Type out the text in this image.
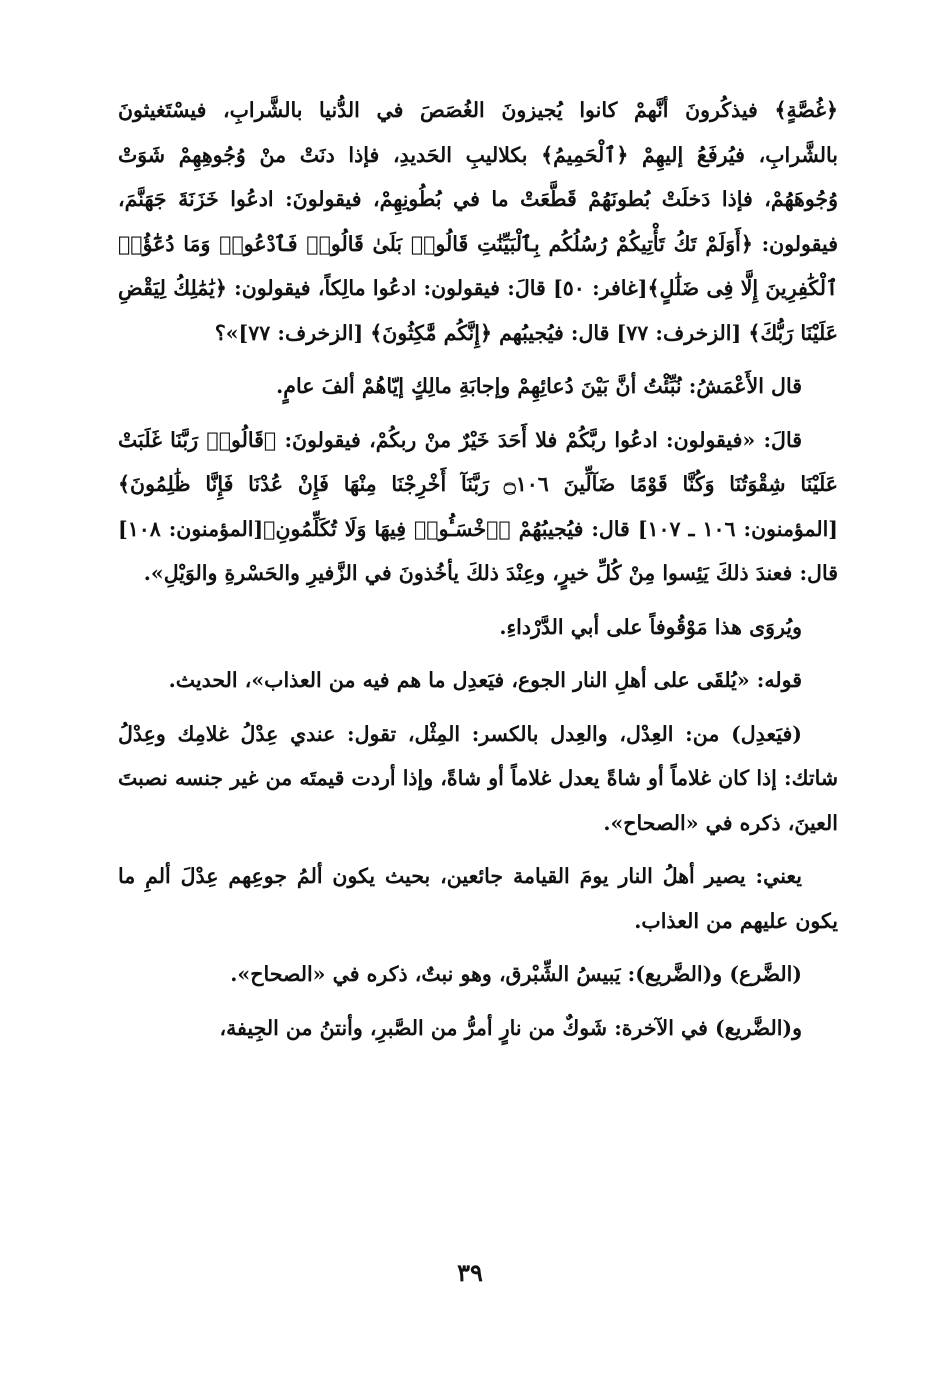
﴿غُصَّةٍ﴾ فيذكُرونَ أنَّهمْ كانوا يُجيزونَ الغُصَصَ في الدُّنيا بالشَّرابِ، فيسْتَغيثونَ بالشَّرابِ، فيُرفَعُ إليهِمْ ﴿ٱلْحَمِيمُ﴾ بكلاليبِ الحَديدِ، فإذا دنَتْ منْ وُجُوهِهِمْ شَوَتْ وُجُوهَهُمْ، فإذا دَخلَتْ بُطونَهُمْ قَطَّعَتْ ما في بُطُونِهِمْ، فيقولونَ: ادعُوا خَزَنَةَ جَهَنَّمَ، فيقولون: ﴿أَوَلَمْ تَكُ تَأْتِيكُمْ رُسُلُكُم بِٱلْبَيِّنَٰتِ قَالُوا۟ بَلَىٰ قَالُوا۟ فَٱدْعُوا۟ وَمَا دُعَٰٓؤُا۟ ٱلْكَٰفِرِينَ إِلَّا فِى ضَلَٰلٍ﴾[غافر: ٥٠] قالَ: فيقولون: ادعُوا مالِكاً، فيقولون: ﴿يَٰمَٰلِكُ لِيَقْضِ عَلَيْنَا رَبُّكَ﴾ [الزخرف: ٧٧] قال: فيُجيبُهم ﴿إِنَّكُم مَّٰكِثُونَ﴾ [الزخرف: ٧٧]»؟

قال الأَعْمَشُ: نُبِّئْتُ أنَّ بَيْنَ دُعائِهِمْ وإجابَةِ مالِكٍ إيّاهُمْ ألفَ عامٍ.

قالَ: «فيقولون: ادعُوا ربَّكُمْ فلا أَحَدَ خَيْرٌ منْ ربكُمْ، فيقولونَ: ﴿قَالُوا۟ رَبَّنَا غَلَبَتْ عَلَيْنَا شِقْوَتُنَا وَكُنَّا قَوْمًا ضَآلِّينَ ۝١٠٦ رَبَّنَآ أَخْرِجْنَا مِنْهَا فَإِنْ عُدْنَا فَإِنَّا ظَٰلِمُونَ﴾[المؤمنون: ١٠٦ ـ ١٠٧] قال: فيُجيبُهُمْ ﴿ٱخْسَـُٔوا۟ فِيهَا وَلَا تُكَلِّمُونِ﴾[المؤمنون: ١٠٨] قال: فعندَ ذلكَ يَئِسوا مِنْ كُلِّ خيرٍ، وعِنْدَ ذلكَ يأخُذونَ في الزَّفيرِ والحَسْرةِ والوَيْلِ».

ويُروَى هذا مَوْقُوفاً على أبي الدَّرْداءِ.

قوله: «يُلقَى على أهلِ النار الجوع، فيَعدِل ما هم فيه من العذاب»، الحديث.

(فيَعدِل) من: العِدْل، والعِدل بالكسر: المِثْل، تقول: عندي عِدْلُ غلامِك وعِدْلُ شاتك: إذا كان غلاماً أو شاةً يعدل غلاماً أو شاةً، وإذا أردت قيمتَه من غير جنسه نصبتَ العينَ، ذكره في «الصحاح».

يعني: يصير أهلُ النار يومَ القيامة جائعين، بحيث يكون ألمُ جوعِهم عِدْلَ ألمِ ما يكون عليهم من العذاب.

(الضَّرع) و(الضَّريع): يَبيسُ الشِّبْرق، وهو نبتٌ، ذكره في «الصحاح».

و(الضَّريع) في الآخرة: شَوكٌ من نارٍ أمرُّ من الصَّبرِ، وأنتنُ من الجِيفة،

٣٩
